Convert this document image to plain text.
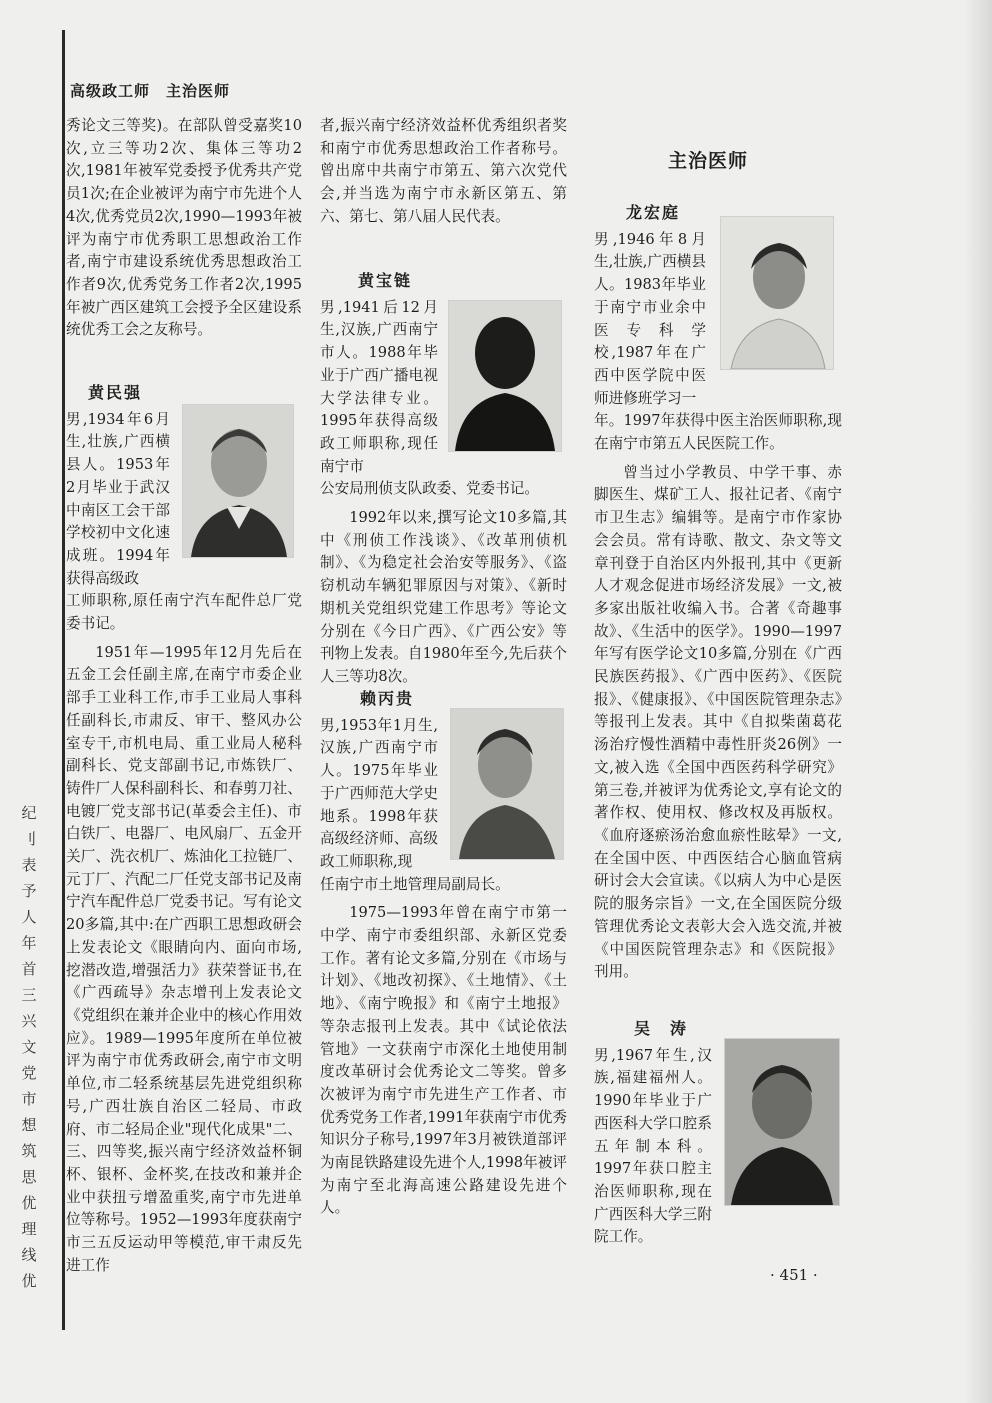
纪刂表予人年首三兴文党市想筑思优理线优
高级政工师　主治医师

秀论文三等奖)。在部队曾受嘉奖10次,立三等功2次、集体三等功2次,1981年被军党委授予优秀共产党员1次;在企业被评为南宁市先进个人4次,优秀党员2次,1990—1993年被评为南宁市优秀职工思想政治工作者,南宁市建设系统优秀思想政治工作者9次,优秀党务工作者2次,1995年被广西区建筑工会授予全区建设系统优秀工会之友称号。

黄民强

男,1934年6月生,壮族,广西横县人。1953年2月毕业于武汉中南区工会干部学校初中文化速成班。1994年获得高级政

工师职称,原任南宁汽车配件总厂党委书记。

1951年—1995年12月先后在五金工会任副主席,在南宁市委企业部手工业科工作,市手工业局人事科任副科长,市肃反、审干、整风办公室专干,市机电局、重工业局人秘科副科长、党支部副书记,市炼铁厂、铸件厂人保科副科长、和春剪刀社、电镀厂党支部书记(革委会主任)、市白铁厂、电器厂、电风扇厂、五金开关厂、洗衣机厂、炼油化工拉链厂、元丁厂、汽配二厂任党支部书记及南宁汽车配件总厂党委书记。写有论文20多篇,其中:在广西职工思想政研会上发表论文《眼睛向内、面向市场,挖潜改造,增强活力》获荣誉证书,在《广西疏导》杂志增刊上发表论文《党组织在兼并企业中的核心作用效应》。1989—1995年度所在单位被评为南宁市优秀政研会,南宁市文明单位,市二轻系统基层先进党组织称号,广西壮族自治区二轻局、市政府、市二轻局企业"现代化成果"二、三、四等奖,振兴南宁经济效益杯铜杯、银杯、金杯奖,在技改和兼并企业中获扭亏增盈重奖,南宁市先进单位等称号。1952—1993年度获南宁市三五反运动甲等模范,审干肃反先进工作

者,振兴南宁经济效益杯优秀组织者奖和南宁市优秀思想政治工作者称号。曾出席中共南宁市第五、第六次党代会,并当选为南宁市永新区第五、第六、第七、第八届人民代表。

黄宝链

男,1941后12月生,汉族,广西南宁市人。1988年毕业于广西广播电视大学法律专业。1995年获得高级政工师职称,现任南宁市

公安局刑侦支队政委、党委书记。

1992年以来,撰写论文10多篇,其中《刑侦工作浅谈》、《改革刑侦机制》、《为稳定社会治安等服务》、《盗窃机动车辆犯罪原因与对策》、《新时期机关党组织党建工作思考》等论文分别在《今日广西》、《广西公安》等刊物上发表。自1980年至今,先后获个人三等功8次。

赖丙贵

男,1953年1月生,汉族,广西南宁市人。1975年毕业于广西师范大学史地系。1998年获高级经济师、高级政工师职称,现

任南宁市土地管理局副局长。

1975—1993年曾在南宁市第一中学、南宁市委组织部、永新区党委工作。著有论文多篇,分别在《市场与计划》、《地改初探》、《土地情》、《土地》、《南宁晚报》和《南宁土地报》等杂志报刊上发表。其中《试论依法管地》一文获南宁市深化土地使用制度改革研讨会优秀论文二等奖。曾多次被评为南宁市先进生产工作者、市优秀党务工作者,1991年获南宁市优秀知识分子称号,1997年3月被铁道部评为南昆铁路建设先进个人,1998年被评为南宁至北海高速公路建设先进个人。

主治医师
龙宏庭

男,1946年8月生,壮族,广西横县人。1983年毕业于南宁市业余中医专科学校,1987年在广西中医学院中医师进修班学习一

年。1997年获得中医主治医师职称,现在南宁市第五人民医院工作。

曾当过小学教员、中学干事、赤脚医生、煤矿工人、报社记者、《南宁市卫生志》编辑等。是南宁市作家协会会员。常有诗歌、散文、杂文等文章刊登于自治区内外报刊,其中《更新人才观念促进市场经济发展》一文,被多家出版社收编入书。合著《奇趣事故》、《生活中的医学》。1990—1997年写有医学论文10多篇,分别在《广西民族医药报》、《广西中医药》、《医院报》、《健康报》、《中国医院管理杂志》等报刊上发表。其中《自拟柴菌葛花汤治疗慢性酒精中毒性肝炎26例》一文,被入选《全国中西医药科学研究》第三卷,并被评为优秀论文,享有论文的著作权、使用权、修改权及再版权。《血府逐瘀汤治愈血瘀性眩晕》一文,在全国中医、中西医结合心脑血管病研讨会大会宣读。《以病人为中心是医院的服务宗旨》一文,在全国医院分级管理优秀论文表彰大会入选交流,并被《中国医院管理杂志》和《医院报》刊用。

吴　涛

男,1967年生,汉族,福建福州人。1990年毕业于广西医科大学口腔系五年制本科。1997年获口腔主治医师职称,现在广西医科大学三附院工作。

· 451 ·
